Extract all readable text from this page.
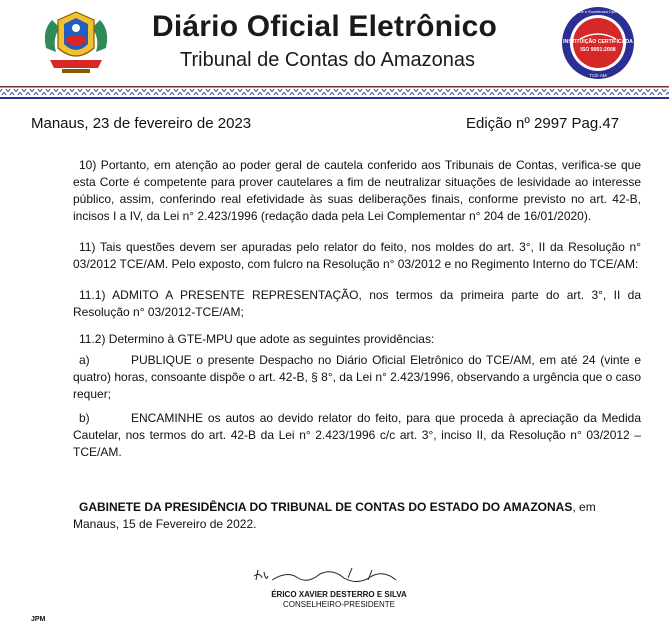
Diário Oficial Eletrônico
Tribunal de Contas do Amazonas
Qualidade e Excelência Operacional
INSTITUIÇÃO CERTIFICADA
ISO 9001:2008
TCE-AM
Manaus, 23 de fevereiro de 2023	Edição nº 2997 Pag.47
10) Portanto, em atenção ao poder geral de cautela conferido aos Tribunais de Contas, verifica-se que esta Corte é competente para prover cautelares a fim de neutralizar situações de lesividade ao interesse público, assim, conferindo real efetividade às suas deliberações finais, conforme previsto no art. 42-B, incisos I a IV, da Lei n° 2.423/1996 (redação dada pela Lei Complementar n° 204 de 16/01/2020).
11) Tais questões devem ser apuradas pelo relator do feito, nos moldes do art. 3°, II da Resolução n° 03/2012 TCE/AM. Pelo exposto, com fulcro na Resolução n° 03/2012 e no Regimento Interno do TCE/AM:
11.1) ADMITO A PRESENTE REPRESENTAÇÃO, nos termos da primeira parte do art. 3°, II da Resolução n° 03/2012-TCE/AM;
11.2) Determino à GTE-MPU que adote as seguintes providências:
a)	PUBLIQUE o presente Despacho no Diário Oficial Eletrônico do TCE/AM, em até 24 (vinte e quatro) horas, consoante dispõe o art. 42-B, § 8°, da Lei n° 2.423/1996, observando a urgência que o caso requer;
b)	ENCAMINHE os autos ao devido relator do feito, para que proceda à apreciação da Medida Cautelar, nos termos do art. 42-B da Lei n° 2.423/1996 c/c art. 3°, inciso II, da Resolução n° 03/2012 – TCE/AM.
GABINETE DA PRESIDÊNCIA DO TRIBUNAL DE CONTAS DO ESTADO DO AMAZONAS, em Manaus, 15 de Fevereiro de 2022.
ÉRICO XAVIER DESTERRO E SILVA
CONSELHEIRO-PRESIDENTE
JPM
